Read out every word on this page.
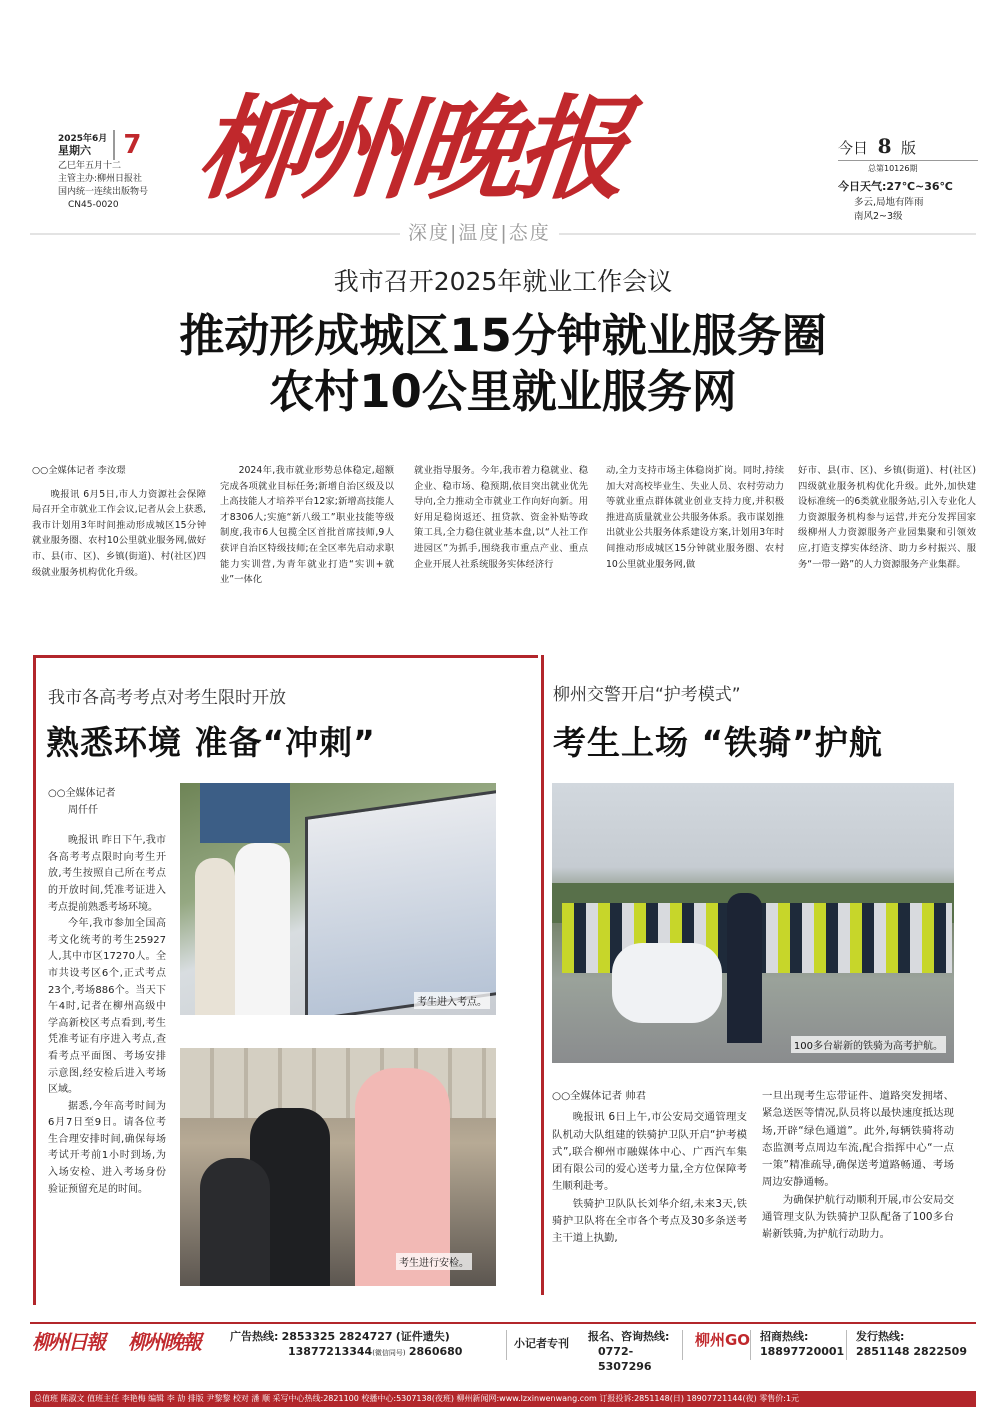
2025年6月
星期六	7
乙巳年五月十二
主管主办:柳州日报社
国内统一连续出版物号
CN45-0020 柳州晚报
深度|温度|态度
今日 8 版
总第10126期
今日天气:27℃~36℃
多云,局地有阵雨
南风2~3级
我市召开2025年就业工作会议
推动形成城区15分钟就业服务圈
农村10公里就业服务网

○○全媒体记者 李汝璟

晚报讯 6月5日,市人力资源社会保障局召开全市就业工作会议,记者从会上获悉,我市计划用3年时间推动形成城区15分钟就业服务圈、农村10公里就业服务网,做好市、县(市、区)、乡镇(街道)、村(社区)四级就业服务机构优化升级。

2024年,我市就业形势总体稳定,超额完成各项就业目标任务;新增自治区级及以上高技能人才培养平台12家;新增高技能人才8306人;实施“新八级工”职业技能等级制度,我市6人包揽全区首批首席技师,9人获评自治区特级技师;在全区率先启动求职能力实训营,为青年就业打造“实训+就业”一体化

就业指导服务。今年,我市着力稳就业、稳企业、稳市场、稳预期,依目突出就业优先导向,全力推动全市就业工作向好向新。用好用足稳岗返还、扭贷款、资金补贴等政策工具,全力稳住就业基本盘,以“人社工作进园区”为抓手,围绕我市重点产业、重点企业开展人社系统服务实体经济行

动,全力支持市场主体稳岗扩岗。同时,持续加大对高校毕业生、失业人员、农村劳动力等就业重点群体就业创业支持力度,并积极推进高质量就业公共服务体系。我市谋划推出就业公共服务体系建设方案,计划用3年时间推动形成城区15分钟就业服务圈、农村10公里就业服务网,做

好市、县(市、区)、乡镇(街道)、村(社区)四级就业服务机构优化升级。此外,加快建设标准统一的6类就业服务站,引入专业化人力资源服务机构参与运营,并充分发挥国家级柳州人力资源服务产业园集聚和引领效应,打造支撑实体经济、助力乡村振兴、服务“一带一路”的人力资源服务产业集群。

我市各高考考点对考生限时开放
熟悉环境 准备“冲刺”

○○全媒体记者

周仟仟

晚报讯 昨日下午,我市各高考考点限时向考生开放,考生按照自己所在考点的开放时间,凭准考证进入考点提前熟悉考场环境。

今年,我市参加全国高考文化统考的考生25927人,其中市区17270人。全市共设考区6个,正式考点23个,考场886个。当天下午4时,记者在柳州高级中学高新校区考点看到,考生凭准考证有序进入考点,查看考点平面图、考场安排示意图,经安检后进入考场区域。

据悉,今年高考时间为6月7日至9日。请各位考生合理安排时间,确保每场考试开考前1小时到场,为入场安检、进入考场身份验证预留充足的时间。

考生进入考点。
考生进行安检。
柳州交警开启“护考模式”
考生上场 “铁骑”护航
100多台崭新的铁骑为高考护航。

○○全媒体记者 帅君

晚报讯 6日上午,市公安局交通管理支队机动大队组建的铁骑护卫队开启“护考模式”,联合柳州市融媒体中心、广西汽车集团有限公司的爱心送考力量,全方位保障考生顺利赴考。

铁骑护卫队队长刘华介绍,未来3天,铁骑护卫队将在全市各个考点及30多条送考主干道上执勤,

一旦出现考生忘带证件、道路突发拥堵、紧急送医等情况,队员将以最快速度抵达现场,开辟“绿色通道”。此外,每辆铁骑将动态监测考点周边车流,配合指挥中心“一点一策”精准疏导,确保送考道路畅通、考场周边安静通畅。

为确保护航行动顺利开展,市公安局交通管理支队为铁骑护卫队配备了100多台崭新铁骑,为护航行动助力。

柳州日報 柳州晚報	广告热线: 2853325 2824727 (证件遗失)
13877213344(微信同号) 2860680
小记者专刊
报名、咨询热线:
0772-5307296
柳州GO 招商热线:
18897720001
发行热线:
2851148 2822509
总值班 陈淑文 值班主任 李艳梅 编辑 李 劼 排版 尹黎黎 校对 潘 顺 采写中心热线:2821100 校播中心:5307138(夜班) 柳州新闻网:www.lzxinwenwang.com 订报投诉:2851148(日) 18907721144(夜) 零售价:1元
